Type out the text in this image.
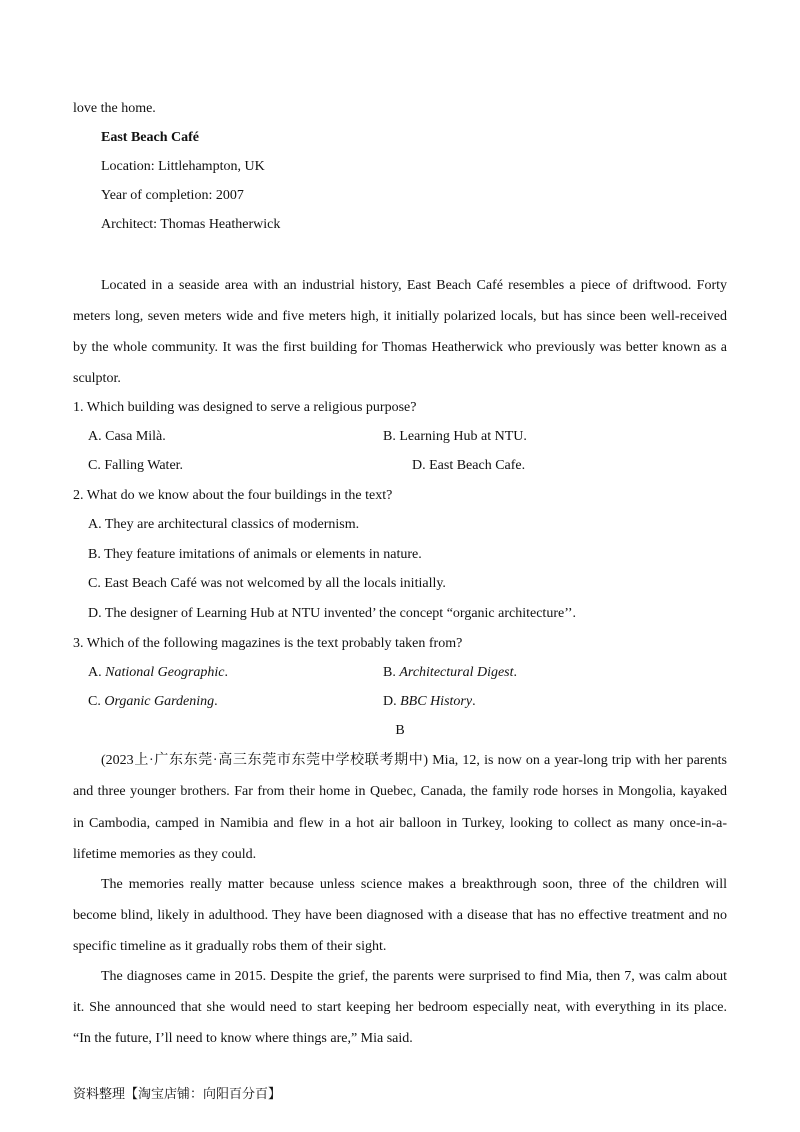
love the home.
East Beach Café
Location: Littlehampton, UK
Year of completion: 2007
Architect: Thomas Heatherwick
Located in a seaside area with an industrial history, East Beach Café resembles a piece of driftwood. Forty
meters long, seven meters wide and five meters high, it initially polarized locals, but has since been well-received
by the whole community. It was the first building for Thomas Heatherwick who previously was better known as a
sculptor.
1. Which building was designed to serve a religious purpose?
A. Casa Milà.	B. Learning Hub at NTU.
C. Falling Water.	D. East Beach Cafe.
2. What do we know about the four buildings in the text?
A. They are architectural classics of modernism.
B. They feature imitations of animals or elements in nature.
C. East Beach Café was not welcomed by all the locals initially.
D. The designer of Learning Hub at NTU invented’ the concept “organic architecture’’.
3. Which of the following magazines is the text probably taken from?
A. National Geographic.	B. Architectural Digest.
C. Organic Gardening.	D. BBC History.
B
(2023上·广东东莞·高三东莞市东莞中学校联考期中) Mia, 12, is now on a year-long trip with her parents
and three younger brothers. Far from their home in Quebec, Canada, the family rode horses in Mongolia, kayaked
in Cambodia, camped in Namibia and flew in a hot air balloon in Turkey, looking to collect as many once-in-a-
lifetime memories as they could.
The memories really matter because unless science makes a breakthrough soon, three of the children will
become blind, likely in adulthood. They have been diagnosed with a disease that has no effective treatment and no
specific timeline as it gradually robs them of their sight.
The diagnoses came in 2015. Despite the grief, the parents were surprised to find Mia, then 7, was calm about
it. She announced that she would need to start keeping her bedroom especially neat, with everything in its place.
“In the future, I’ll need to know where things are,” Mia said.
资料整理【淘宝店铺：向阳百分百】
